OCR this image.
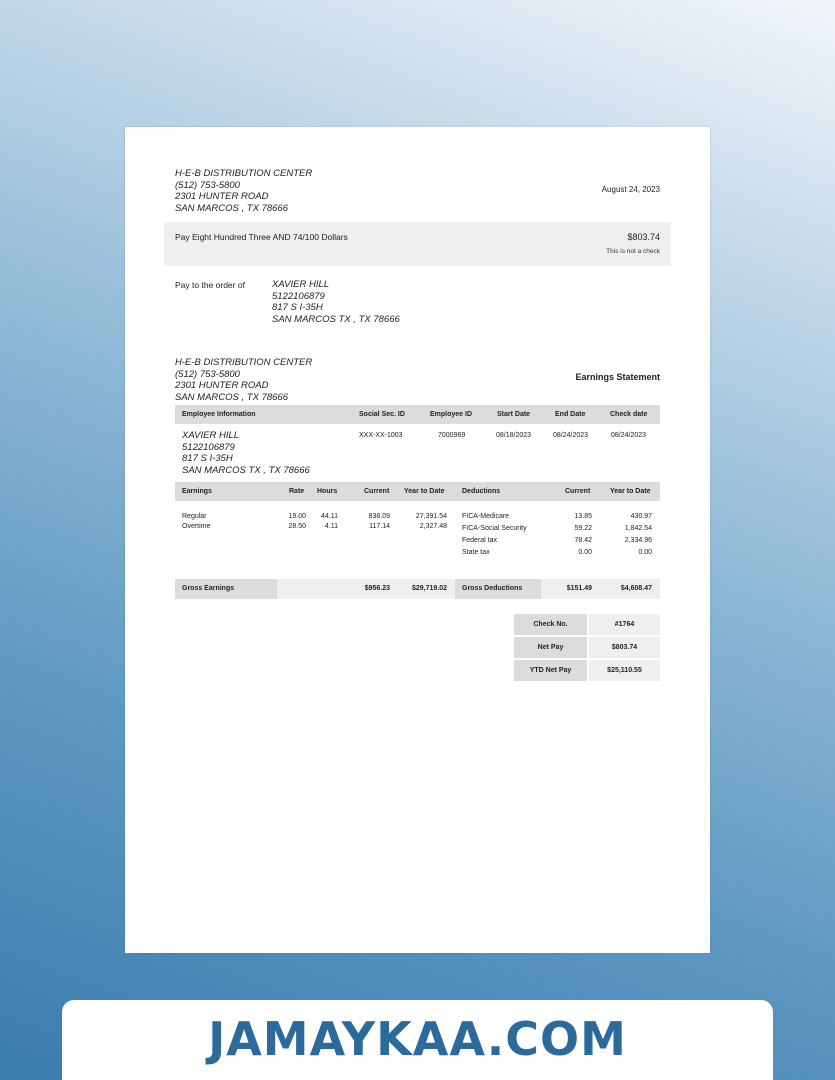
H-E-B DISTRIBUTION CENTER
(512) 753-5800
2301 HUNTER ROAD
SAN MARCOS , TX 78666
August 24, 2023
Pay Eight Hundred Three AND 74/100 Dollars	$803.74
This is not a check
Pay to the order of	XAVIER HILL
5122106879
817 S I-35H
SAN MARCOS TX , TX 78666
H-E-B DISTRIBUTION CENTER
(512) 753-5800
2301 HUNTER ROAD
SAN MARCOS , TX 78666
Earnings Statement
Employee Information	Social Sec. ID	Employee ID	Start Date	End Date	Check date
XAVIER HILL
5122106879
817 S I-35H
SAN MARCOS TX , TX 78666
XXX-XX-1003	7000969	08/18/2023	08/24/2023	08/24/2023
Earnings	Rate Hours	Current Year to Date	Deductions	Current	Year to Date
Regular	19.00	44.11	838.09	27,391.54
Overtime	28.50	4.11	117.14	2,327.48
FICA-Medicare	13.85	430.97
FICA-Social Security	59.22	1,842.54
Federal tax	78.42	2,334.96
State tax	0.00	0.00
Gross Earnings	$956.23	$29,719.02	Gross Deductions	$151.49	$4,608.47
Check No.	#1764
Net Pay	$803.74
YTD Net Pay	$25,110.55
JAMAYKAA.COM
